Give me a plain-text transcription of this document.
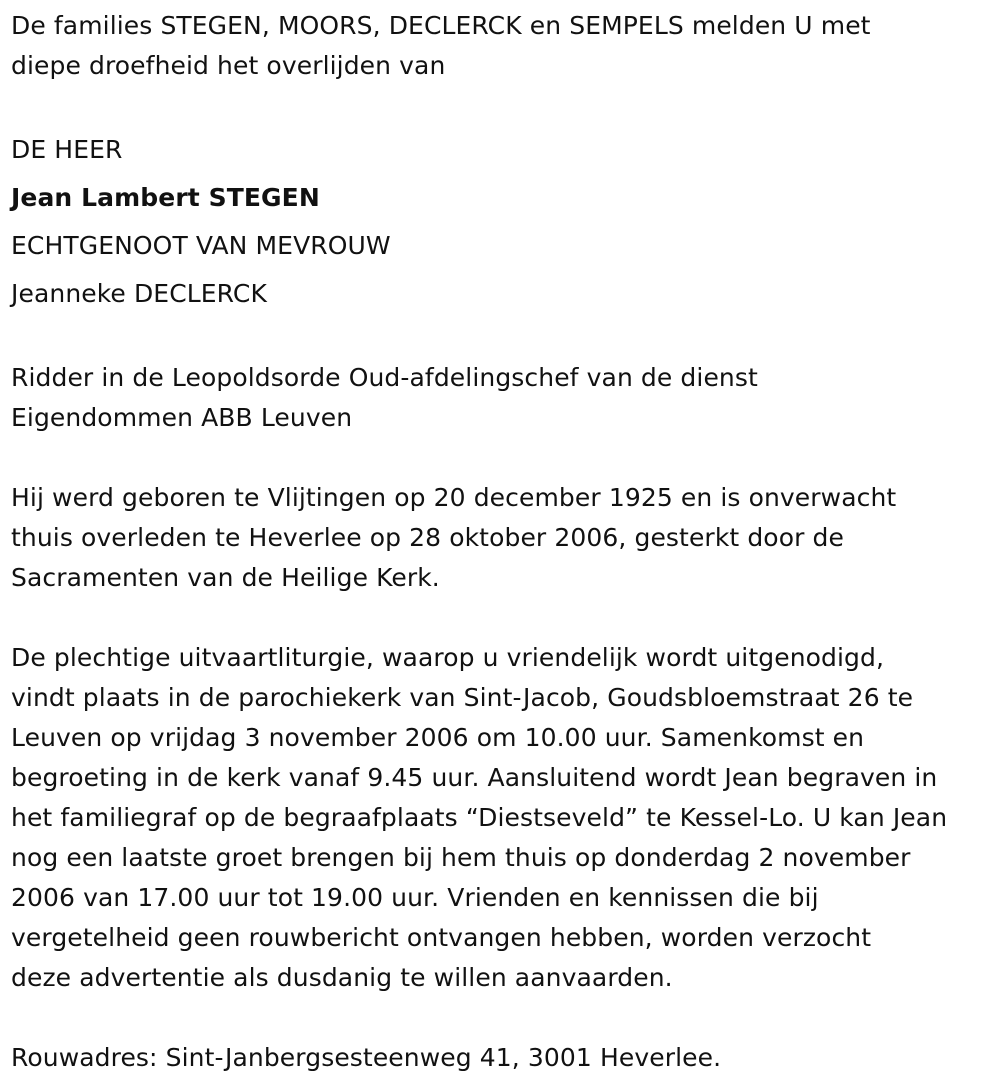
De families STEGEN, MOORS, DECLERCK en SEMPELS melden U met
diepe droefheid het overlijden van
DE HEER
Jean Lambert STEGEN
ECHTGENOOT VAN MEVROUW
Jeanneke DECLERCK
Ridder in de Leopoldsorde Oud-afdelingschef van de dienst
Eigendommen ABB Leuven
Hij werd geboren te Vlijtingen op 20 december 1925 en is onverwacht
thuis overleden te Heverlee op 28 oktober 2006, gesterkt door de
Sacramenten van de Heilige Kerk.
De plechtige uitvaartliturgie, waarop u vriendelijk wordt uitgenodigd,
vindt plaats in de parochiekerk van Sint-Jacob, Goudsbloemstraat 26 te
Leuven op vrijdag 3 november 2006 om 10.00 uur. Samenkomst en
begroeting in de kerk vanaf 9.45 uur. Aansluitend wordt Jean begraven in
het familiegraf op de begraafplaats “Diestseveld” te Kessel-Lo. U kan Jean
nog een laatste groet brengen bij hem thuis op donderdag 2 november
2006 van 17.00 uur tot 19.00 uur. Vrienden en kennissen die bij
vergetelheid geen rouwbericht ontvangen hebben, worden verzocht
deze advertentie als dusdanig te willen aanvaarden.
Rouwadres: Sint-Janbergsesteenweg 41, 3001 Heverlee.
